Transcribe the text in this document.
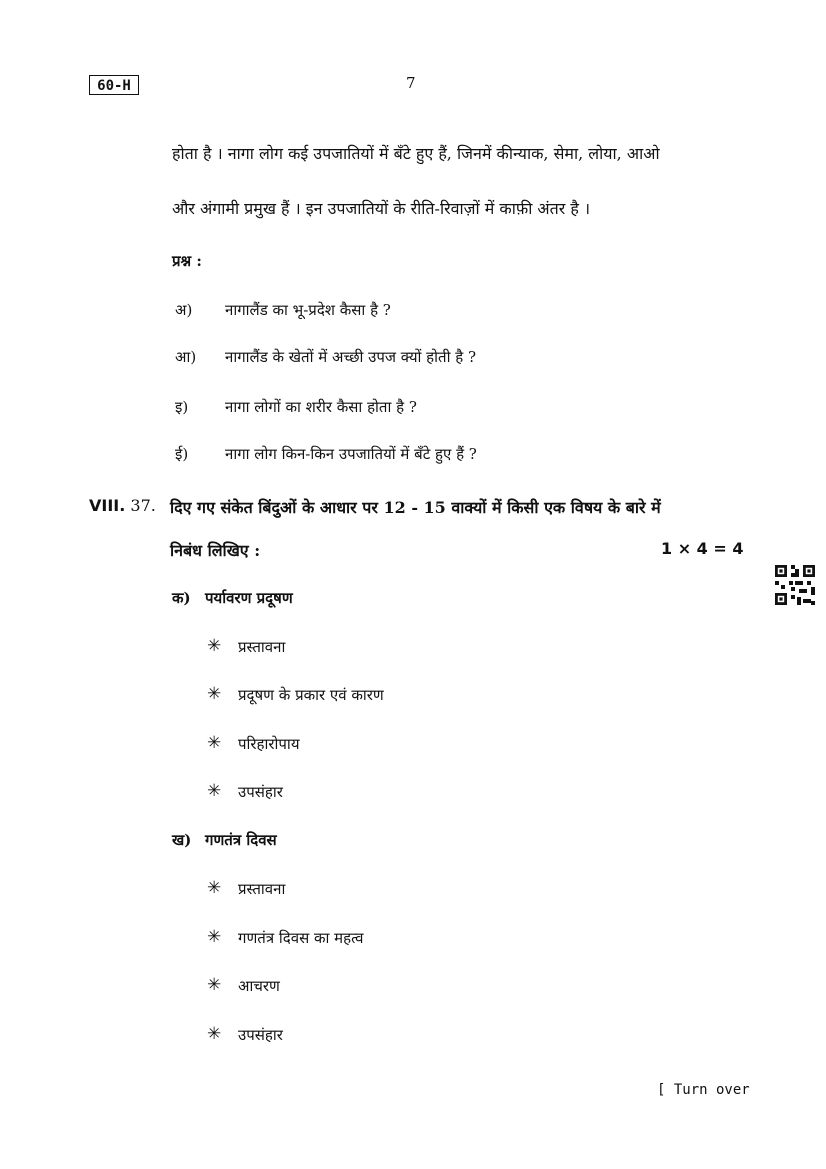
60-H	7
होता है । नागा लोग कई उपजातियों में बँटे हुए हैं, जिनमें कीन्याक, सेमा, लोया, आओ
और अंगामी प्रमुख हैं । इन उपजातियों के रीति-रिवाज़ों में काफ़ी अंतर है ।
प्रश्न :
अ) नागालैंड का भू-प्रदेश कैसा है ?
आ) नागालैंड के खेतों में अच्छी उपज क्यों होती है ?
इ) नागा लोगों का शरीर कैसा होता है ?
ई) नागा लोग किन-किन उपजातियों में बँटे हुए हैं ?
VIII. 37. दिए गए संकेत बिंदुओं के आधार पर 12 - 15 वाक्यों में किसी एक विषय के बारे में
निबंध लिखिए :	1 × 4 = 4
क) पर्यावरण प्रदूषण
✳ प्रस्तावना
✳ प्रदूषण के प्रकार एवं कारण
✳ परिहारोपाय
✳ उपसंहार
ख) गणतंत्र दिवस
✳ प्रस्तावना
✳ गणतंत्र दिवस का महत्व
✳ आचरण
✳ उपसंहार
[ Turn over
